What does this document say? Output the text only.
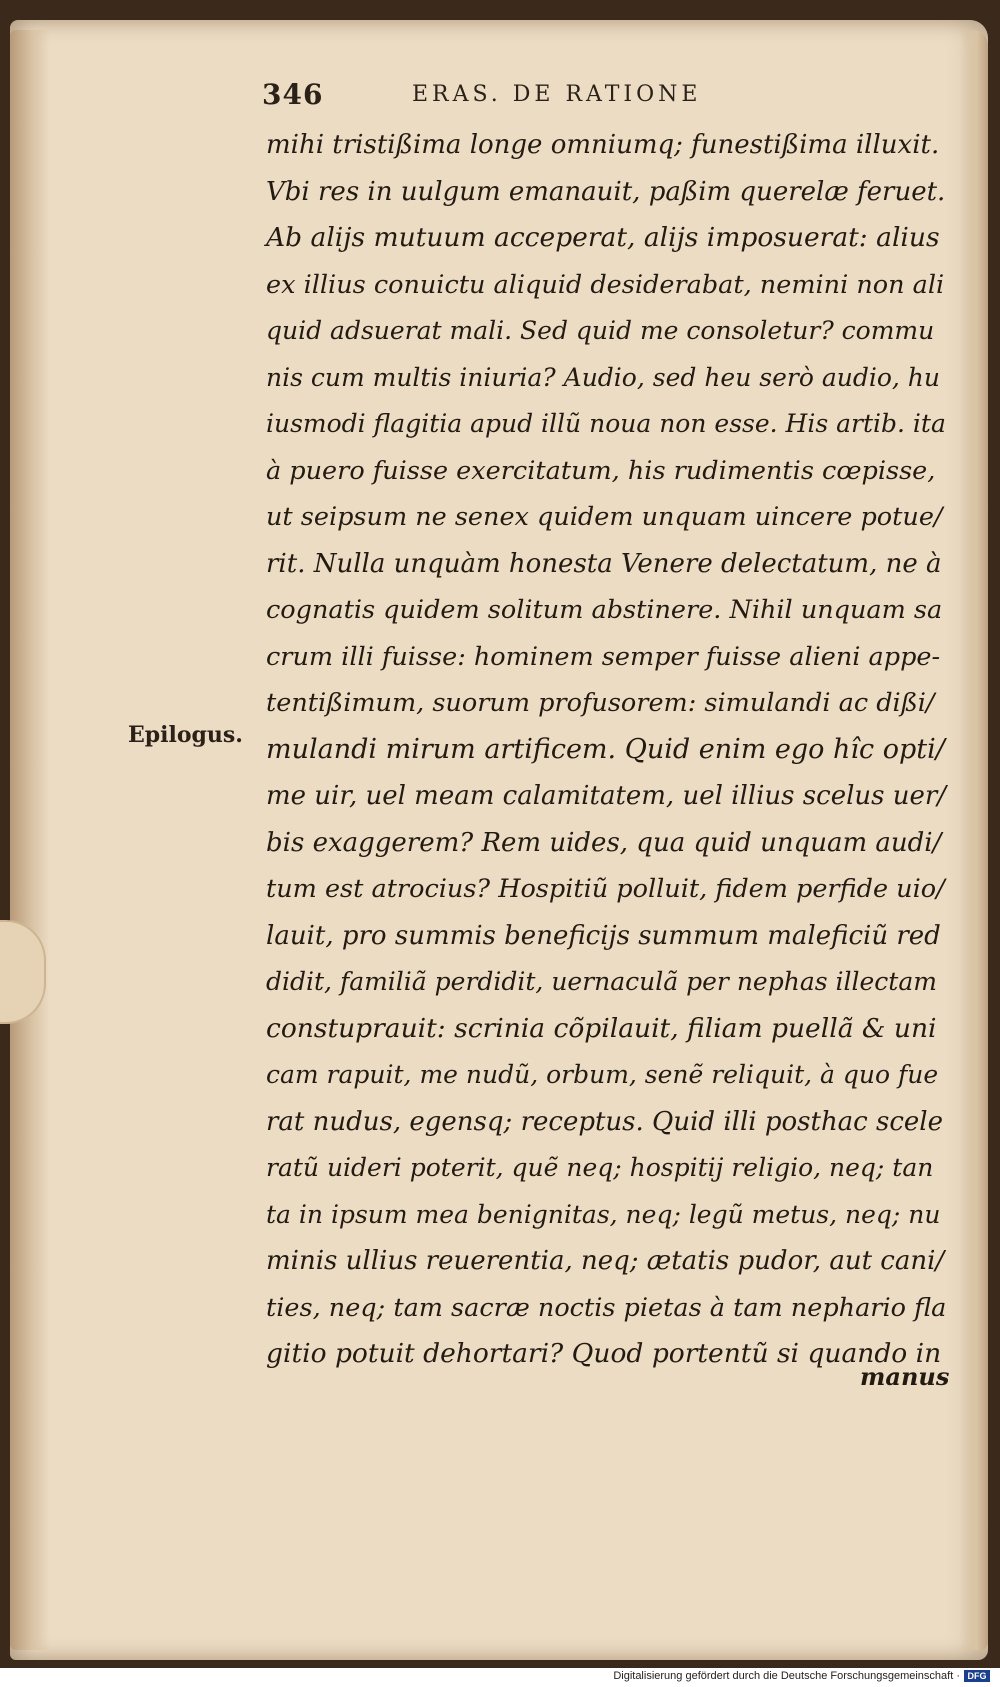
346	ERAS. DE RATIONE
Epilogus.
mihi tristißima longe omniumq; funestißima illuxit.
Vbi res in uulgum emanauit, paßim querelæ feruet.
Ab alijs mutuum acceperat, alijs imposuerat: alius
ex illius conuictu aliquid desiderabat, nemini non ali
quid adsuerat mali. Sed quid me consoletur? commu
nis cum multis iniuria? Audio, sed heu serò audio, hu
iusmodi flagitia apud illũ noua non esse. His artib. ita
à puero fuisse exercitatum, his rudimentis cœpisse,
ut seipsum ne senex quidem unquam uincere potue/
rit. Nulla unquàm honesta Venere delectatum, ne à
cognatis quidem solitum abstinere. Nihil unquam sa
crum illi fuisse: hominem semper fuisse alieni appe-
tentißimum, suorum profusorem: simulandi ac dißi/
mulandi mirum artificem. Quid enim ego hîc opti/
me uir, uel meam calamitatem, uel illius scelus uer/
bis exaggerem? Rem uides, qua quid unquam audi/
tum est atrocius? Hospitiũ polluit, fidem perfide uio/
lauit, pro summis beneficijs summum maleficiũ red
didit, familiã perdidit, uernaculã per nephas illectam
constuprauit: scrinia cõpilauit, filiam puellã & uni
cam rapuit, me nudũ, orbum, senẽ reliquit, à quo fue
rat nudus, egensq; receptus. Quid illi posthac scele
ratũ uideri poterit, quẽ neq; hospitij religio, neq; tan
ta in ipsum mea benignitas, neq; legũ metus, neq; nu
minis ullius reuerentia, neq; ætatis pudor, aut cani/
ties, neq; tam sacræ noctis pietas à tam nephario fla
gitio potuit dehortari? Quod portentũ si quando in
manus
Digitalisierung gefördert durch die Deutsche Forschungsgemeinschaft · DFG
